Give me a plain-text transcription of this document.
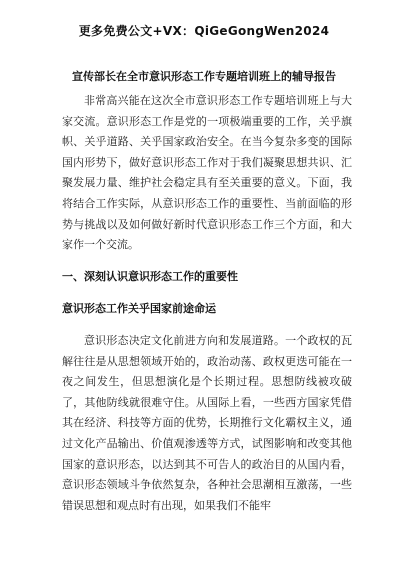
更多免费公文+VX：QiGeGongWen2024
宣传部长在全市意识形态工作专题培训班上的辅导报告

非常高兴能在这次全市意识形态工作专题培训班上与大家交流。意识形态工作是党的一项极端重要的工作，关乎旗帜、关乎道路、关乎国家政治安全。在当今复杂多变的国际国内形势下，做好意识形态工作对于我们凝聚思想共识、汇聚发展力量、维护社会稳定具有至关重要的意义。下面，我将结合工作实际，从意识形态工作的重要性、当前面临的形势与挑战以及如何做好新时代意识形态工作三个方面，和大家作一个交流。

一、深刻认识意识形态工作的重要性
意识形态工作关乎国家前途命运

意识形态决定文化前进方向和发展道路。一个政权的瓦解往往是从思想领域开始的，政治动荡、政权更迭可能在一夜之间发生，但思想演化是个长期过程。思想防线被攻破了，其他防线就很难守住。从国际上看，一些西方国家凭借其在经济、科技等方面的优势，长期推行文化霸权主义，通过文化产品输出、价值观渗透等方式，试图影响和改变其他国家的意识形态，以达到其不可告人的政治目的从国内看，意识形态领域斗争依然复杂，各种社会思潮相互激荡，一些错误思想和观点时有出现，如果我们不能牢
